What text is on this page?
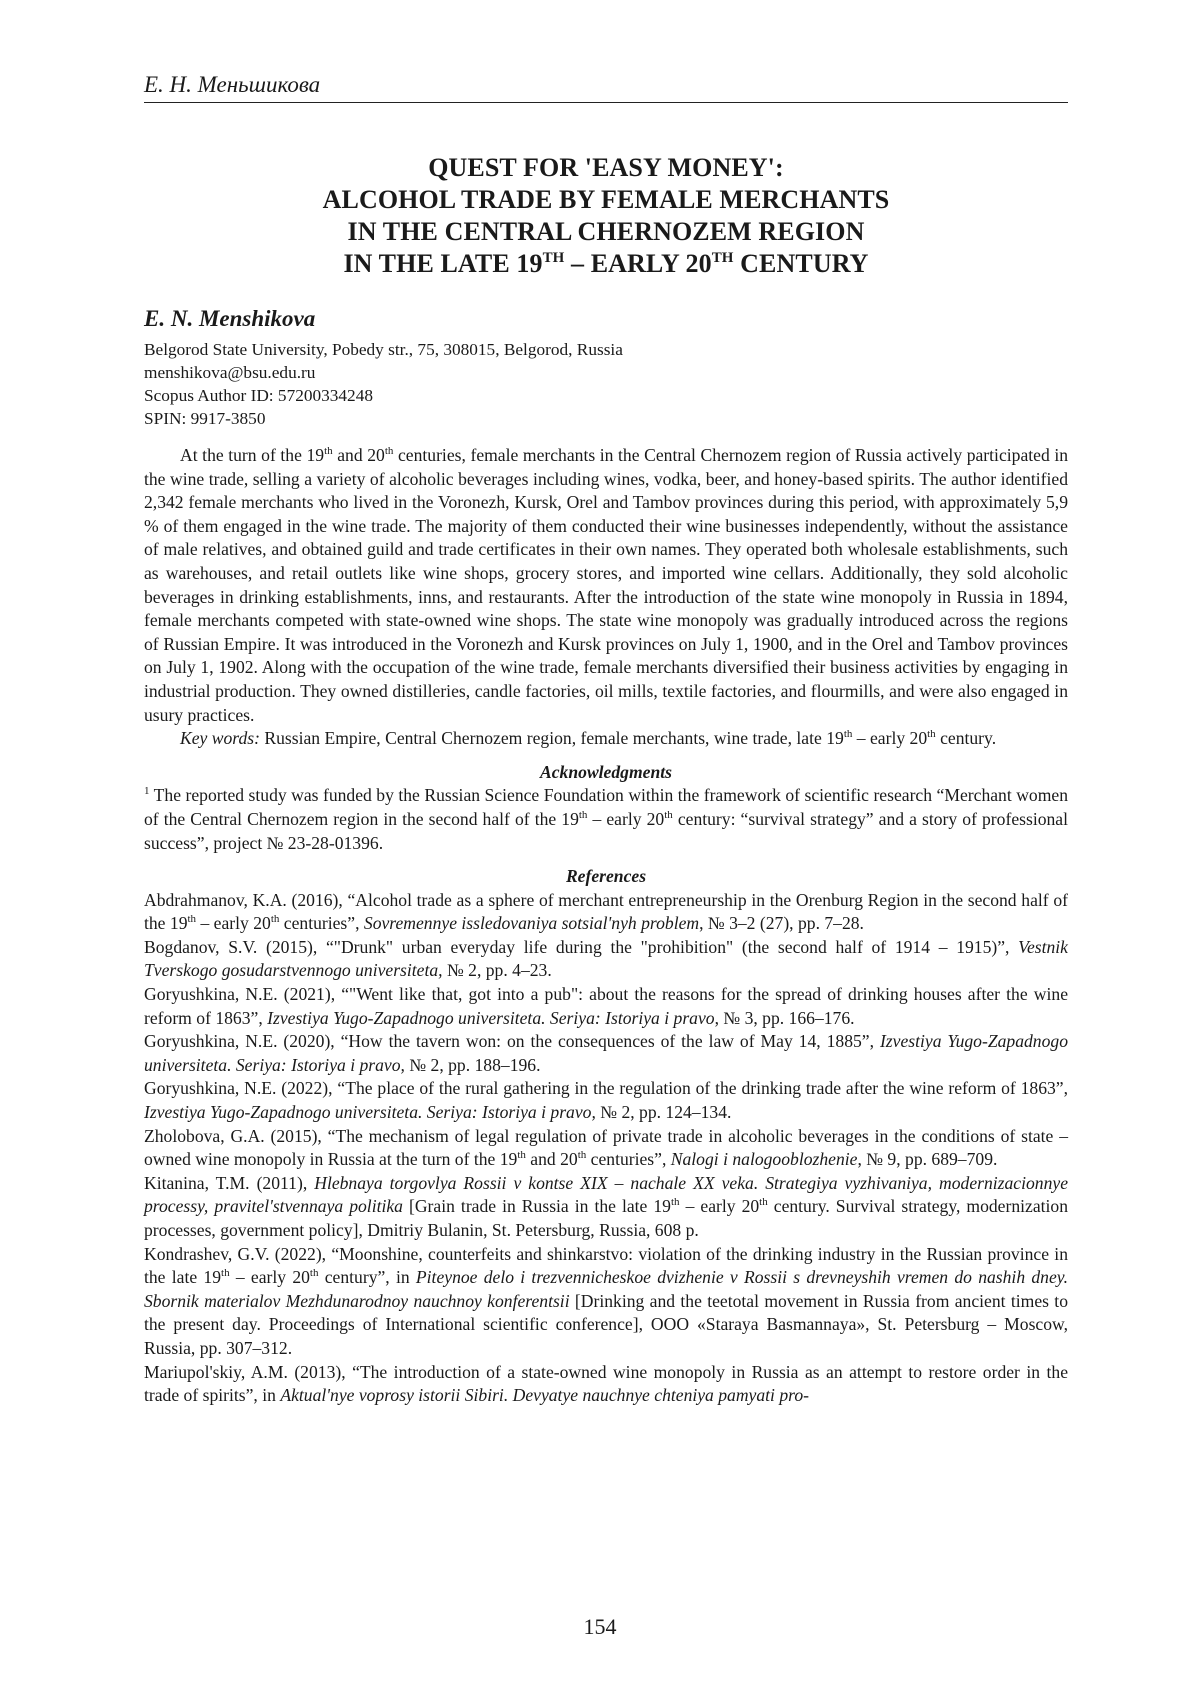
Е. Н. Меньшикова
QUEST FOR 'EASY MONEY':
ALCOHOL TRADE BY FEMALE MERCHANTS
IN THE CENTRAL CHERNOZEM REGION
IN THE LATE 19TH – EARLY 20TH CENTURY
E. N. Menshikova
Belgorod State University, Pobedy str., 75, 308015, Belgorod, Russia
menshikova@bsu.edu.ru
Scopus Author ID: 57200334248
SPIN: 9917-3850

At the turn of the 19th and 20th centuries, female merchants in the Central Chernozem region of Russia actively participated in the wine trade, selling a variety of alcoholic beverages including wines, vodka, beer, and honey-based spirits. The author identified 2,342 female merchants who lived in the Voronezh, Kursk, Orel and Tambov provinces during this period, with approximately 5,9 % of them engaged in the wine trade. The majority of them conducted their wine businesses independently, without the assistance of male relatives, and obtained guild and trade certificates in their own names. They operated both wholesale establishments, such as warehouses, and retail outlets like wine shops, grocery stores, and imported wine cellars. Additionally, they sold alcoholic beverages in drinking establishments, inns, and restaurants. After the introduction of the state wine monopoly in Russia in 1894, female merchants competed with state-owned wine shops. The state wine monopoly was gradually introduced across the regions of Russian Empire. It was introduced in the Voronezh and Kursk provinces on July 1, 1900, and in the Orel and Tambov provinces on July 1, 1902. Along with the occupation of the wine trade, female merchants diversified their business activities by engaging in industrial production. They owned distilleries, candle factories, oil mills, textile factories, and flourmills, and were also engaged in usury practices.

Key words: Russian Empire, Central Chernozem region, female merchants, wine trade, late 19th – early 20th century.

Acknowledgments

1 The reported study was funded by the Russian Science Foundation within the framework of scientific research “Merchant women of the Central Chernozem region in the second half of the 19th – early 20th century: “survival strategy” and a story of professional success”, project № 23-28-01396.

References

Abdrahmanov, K.A. (2016), “Alcohol trade as a sphere of merchant entrepreneurship in the Orenburg Region in the second half of the 19th – early 20th centuries”, Sovremennye issledovaniya sotsial'nyh problem, № 3–2 (27), pp. 7–28.

Bogdanov, S.V. (2015), “"Drunk" urban everyday life during the "prohibition" (the second half of 1914 – 1915)”, Vestnik Tverskogo gosudarstvennogo universiteta, № 2, pp. 4–23.

Goryushkina, N.E. (2021), “"Went like that, got into a pub": about the reasons for the spread of drinking houses after the wine reform of 1863”, Izvestiya Yugo-Zapadnogo universiteta. Seriya: Istoriya i pravo, № 3, pp. 166–176.

Goryushkina, N.E. (2020), “How the tavern won: on the consequences of the law of May 14, 1885”, Izvestiya Yugo-Zapadnogo universiteta. Seriya: Istoriya i pravo, № 2, pp. 188–196.

Goryushkina, N.E. (2022), “The place of the rural gathering in the regulation of the drinking trade after the wine reform of 1863”, Izvestiya Yugo-Zapadnogo universiteta. Seriya: Istoriya i pravo, № 2, pp. 124–134.

Zholobova, G.A. (2015), “The mechanism of legal regulation of private trade in alcoholic beverages in the conditions of state – owned wine monopoly in Russia at the turn of the 19th and 20th centuries”, Nalogi i nalogooblozhenie, № 9, pp. 689–709.

Kitanina, T.M. (2011), Hlebnaya torgovlya Rossii v kontse XIX – nachale XX veka. Strategiya vyzhivaniya, modernizacionnye processy, pravitel'stvennaya politika [Grain trade in Russia in the late 19th – early 20th century. Survival strategy, modernization processes, government policy], Dmitriy Bulanin, St. Petersburg, Russia, 608 p.

Kondrashev, G.V. (2022), “Moonshine, counterfeits and shinkarstvo: violation of the drinking industry in the Russian province in the late 19th – early 20th century”, in Piteynoe delo i trezvennicheskoe dvizhenie v Rossii s drevneyshih vremen do nashih dney. Sbornik materialov Mezhdunarodnoy nauchnoy konferentsii [Drinking and the teetotal movement in Russia from ancient times to the present day. Proceedings of International scientific conference], OOO «Staraya Basmannaya», St. Petersburg – Moscow, Russia, pp. 307–312.

Mariupol'skiy, A.M. (2013), “The introduction of a state-owned wine monopoly in Russia as an attempt to restore order in the trade of spirits”, in Aktual'nye voprosy istorii Sibiri. Devyatye nauchnye chteniya pamyati pro-

154
